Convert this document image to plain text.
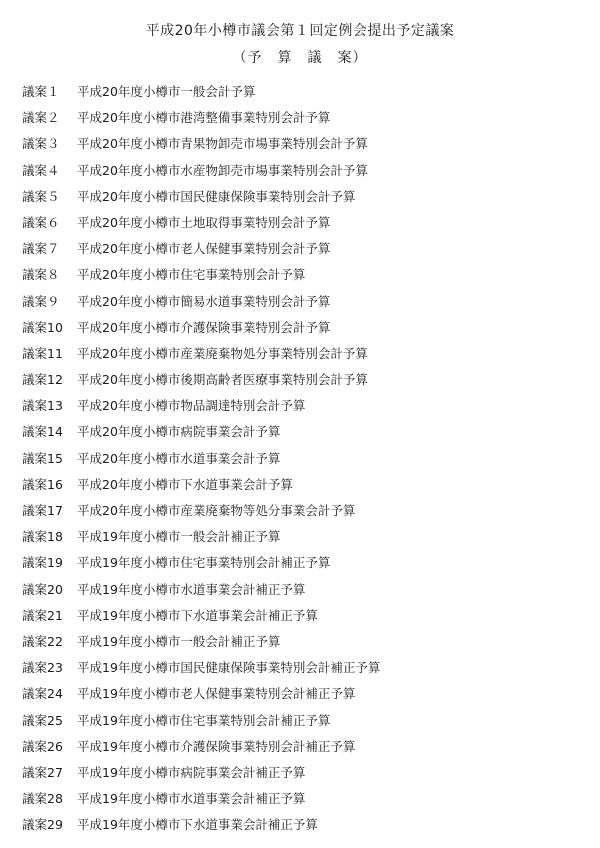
平成20年小樽市議会第１回定例会提出予定議案
（予　算　議　案）
議案１	平成20年度小樽市一般会計予算
議案２	平成20年度小樽市港湾整備事業特別会計予算
議案３	平成20年度小樽市青果物卸売市場事業特別会計予算
議案４	平成20年度小樽市水産物卸売市場事業特別会計予算
議案５	平成20年度小樽市国民健康保険事業特別会計予算
議案６	平成20年度小樽市土地取得事業特別会計予算
議案７	平成20年度小樽市老人保健事業特別会計予算
議案８	平成20年度小樽市住宅事業特別会計予算
議案９	平成20年度小樽市簡易水道事業特別会計予算
議案10	平成20年度小樽市介護保険事業特別会計予算
議案11	平成20年度小樽市産業廃棄物処分事業特別会計予算
議案12	平成20年度小樽市後期高齢者医療事業特別会計予算
議案13	平成20年度小樽市物品調達特別会計予算
議案14	平成20年度小樽市病院事業会計予算
議案15	平成20年度小樽市水道事業会計予算
議案16	平成20年度小樽市下水道事業会計予算
議案17	平成20年度小樽市産業廃棄物等処分事業会計予算
議案18	平成19年度小樽市一般会計補正予算
議案19	平成19年度小樽市住宅事業特別会計補正予算
議案20	平成19年度小樽市水道事業会計補正予算
議案21	平成19年度小樽市下水道事業会計補正予算
議案22	平成19年度小樽市一般会計補正予算
議案23	平成19年度小樽市国民健康保険事業特別会計補正予算
議案24	平成19年度小樽市老人保健事業特別会計補正予算
議案25	平成19年度小樽市住宅事業特別会計補正予算
議案26	平成19年度小樽市介護保険事業特別会計補正予算
議案27	平成19年度小樽市病院事業会計補正予算
議案28	平成19年度小樽市水道事業会計補正予算
議案29	平成19年度小樽市下水道事業会計補正予算
